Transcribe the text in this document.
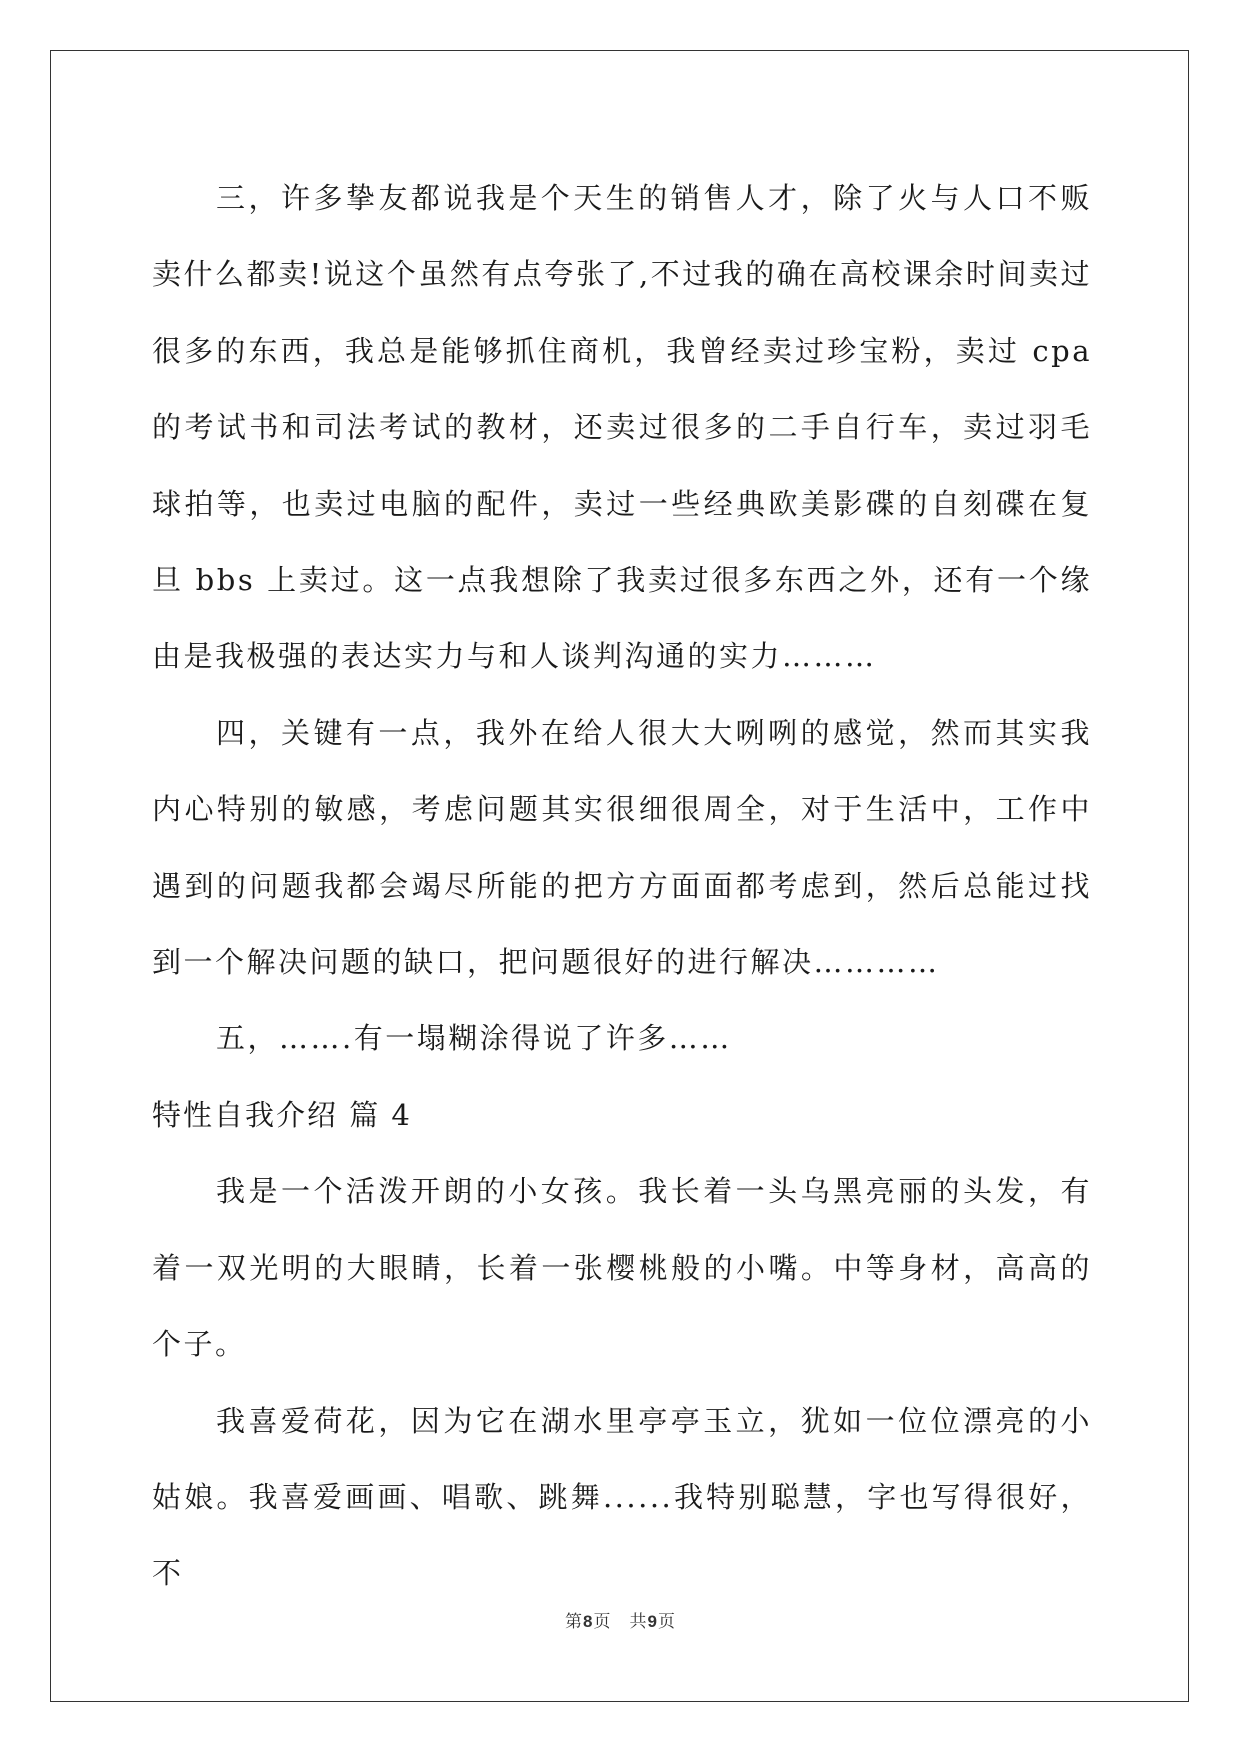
三，许多挚友都说我是个天生的销售人才，除了火与人口不贩卖什么都卖!说这个虽然有点夸张了,不过我的确在高校课余时间卖过很多的东西，我总是能够抓住商机，我曾经卖过珍宝粉，卖过 cpa 的考试书和司法考试的教材，还卖过很多的二手自行车，卖过羽毛球拍等，也卖过电脑的配件，卖过一些经典欧美影碟的自刻碟在复旦 bbs 上卖过。这一点我想除了我卖过很多东西之外，还有一个缘由是我极强的表达实力与和人谈判沟通的实力………

四，关键有一点，我外在给人很大大咧咧的感觉，然而其实我内心特别的敏感，考虑问题其实很细很周全，对于生活中，工作中遇到的问题我都会竭尽所能的把方方面面都考虑到，然后总能过找到一个解决问题的缺口，把问题很好的进行解决…………

五，…….有一塌糊涂得说了许多……

特性自我介绍 篇 4

我是一个活泼开朗的小女孩。我长着一头乌黑亮丽的头发，有着一双光明的大眼睛，长着一张樱桃般的小嘴。中等身材，高高的个子。

我喜爱荷花，因为它在湖水里亭亭玉立，犹如一位位漂亮的小姑娘。我喜爱画画、唱歌、跳舞......我特别聪慧，字也写得很好，不

第8页 共9页
